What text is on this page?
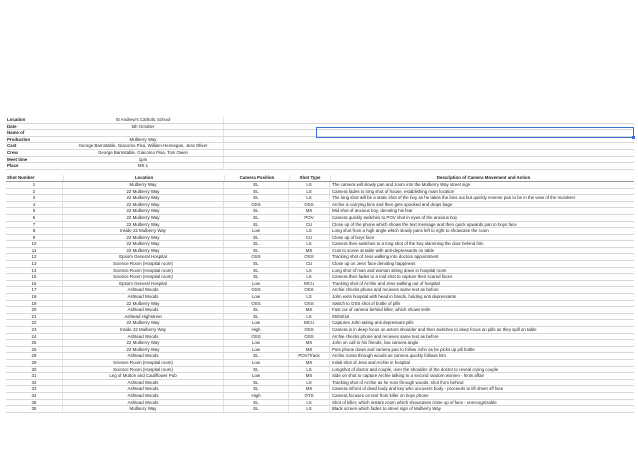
Location	St Andrew's Catholic School
Date	5th October
Name of
Production	Mulberry Way
Cast	George Barnstable, Giacomo Pisa, William Hennegan, Jess Oliver
Crew	George Barnstable, Giacomo Pisa, Tom Owen
Meet time	1pm
Place	MS 1
Shot Number	Location	Camera Position	Shot Type	Description of Camera Movement and Action
1	Mulberry Way	EL	LS	The camera will slowly pan and zoom into the Mulberry Way street sign
2	22 Mulberry Way	EL	LS	Camera fades to long shot of house, establishing main location
3	22 Mulberry Way	EL	LS	The long shot will be a static shot of the boy as he takes the bins out but quickly reverse pan to be in the view of the murderer
4	22 Mulberry Way	OSS	OSS	Archie is carrying bins and then gets spooked and drops bags
5	22 Mulberry Way	EL	MS	Mid shot of anxious boy, denoting his fear
6	22 Mulberry Way	EL	POV	Camera quickly switches to POV shot in eyes of the anxious boy
7	22 Mulberry Way	EL	CU	Close up of the phone which shows the text message and then quick upwards pan to boys face
8	Inside 22 Mulberry Way	Low	LS	Long shot from a high angle which slowly pans left to right to showcase the room
9	22 Mulberry Way	EL	CU	Close up of boys face
10	22 Mulberry Way	EL	LS	Camera then switches to a long shot of the boy slamming the door behind him
11	22 Mulberry Way	EL	MS	Cuts to scene at table with anti-depressants on table
12	Epsom General Hospital	OSS	OSS	Tracking shot of Jess walking into doctors appointment
13	Science Room (Hospital room)	EL	CU	Close up on Jess' face denoting happiness
14	Science Room (Hospital room)	EL	LS	Long shot of man and woman sitting down in hospital room
15	Science Room (Hospital room)	EL	LS	Camera then fades to a mid shot to capture their scared faces
16	Epsom General Hospital	Low	MCU	Tracking shot of Archie and Jess walking out of hospital
17	Ashtead Woods	OSS	OSS	Archie checks phone and recieves same text as before
18	Ashtead Woods	Low	LS	John exits hospital with head in hands, holding anti depressants
19	22 Mulberry Way	OSS	OSS	Switch to OSS shot of bottle of pills
20	Ashtead Woods	EL	MS	Fast cut of camera behind killer, which shows knife
21	Ashtead Highstreet	EL	LS	05/03/18
22	22 Mulberry Way	Low	MCU	Captures John taking anti depressant pills
23	Inside 22 Mulberry Way	High	OSS	Camera is in deep focus on actors shoulder and then switches to deep focus on pills as they spill on table
24	Ashtead Woods	OSS	OSS	Archie checks phone and recieves same text as before
25	22 Mulberry Way	Low	MS	John on call to his friends, low camera angle
26	22 Mulberry Way	Low	MS	Puts phone down and camera pan to follow John as he picks up pill bottle
28	Ashtead Woods	EL	POV/Track	Archie runsa through woods as camera quickly follows him
29	Science Room (Hospital room)	Low	MS	Initial shot of Jess and Archie in hospital
30	Science Room (Hospital room)	EL	LS	Longshot of doctor and couple, over the shoulder of the doctor to reveal crying couple
31	Leg of Mutton and Cauliflower Pub	Low	MS	Side on shot to capture Archie talking to a second random women - hints affair
32	Ashtead Woods	EL	LS	Tracking shot of Archie as he runs through woods, shot from behind
33	Ashtead Woods	EL	MS	Camera infront of dead body and key who uncovers body - proceeds to lift sheet off face
34	Ashtead Woods	High	OTS	Camera focuses on text from killer on boys phone
35	Ashtead Woods	EL	LS	Shot of killer, which instant zoom which showcases close up of face - unrecognizable
35	Mulberry Way	EL	LS	Black screen which fades to street sign of Mulberry Way
